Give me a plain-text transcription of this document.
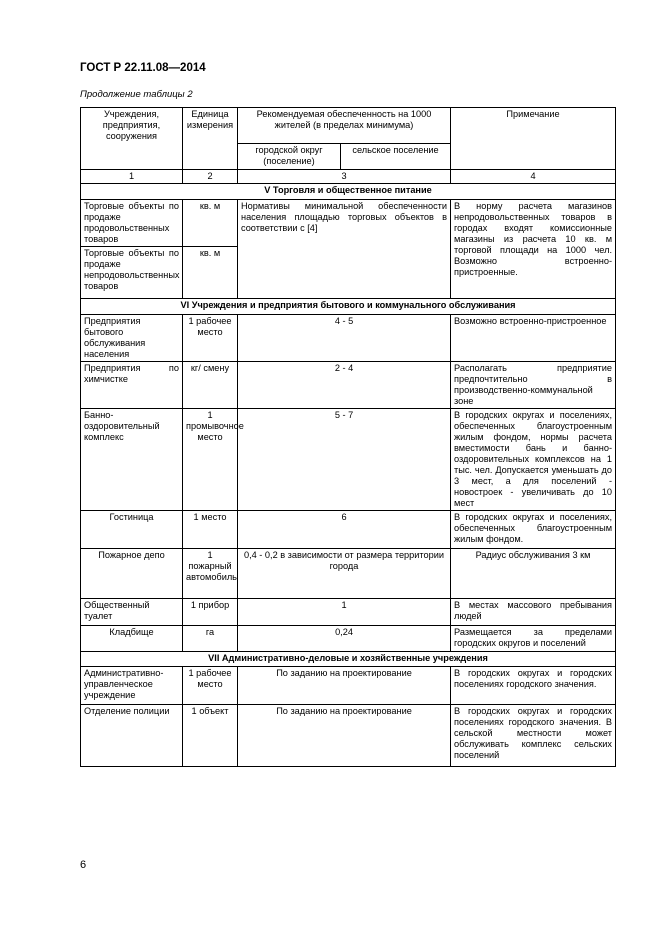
ГОСТ Р 22.11.08—2014
Продолжение таблицы 2
Учреждения, предприятия, сооружения	Единица измерения	Рекомендуемая обеспеченность на 1000 жителей (в пределах минимума)		Примечание
		городской округ (поселение)	сельское поселение	
1	2	3		4
V Торговля и общественное питание				
Торговые объекты по продаже продовольственных товаров	кв. м	Нормативы минимальной обеспеченности населения площадью торговых объектов в соответствии с [4]		В норму расчета магазинов непродовольственных товаров в городах входят комиссионные магазины из расчета 10 кв. м торговой площади на 1000 чел. Возможно встроенно- пристроенные.
Торговые объекты по продаже непродовольственных товаров	кв. м			
VI Учреждения и предприятия бытового и коммунального обслуживания				
Предприятия бытового обслуживания населения	1 рабочее место	4 - 5		Возможно встроенно-пристроенное
Предприятия по химчистке	кг/ смену	2 - 4		Располагать предприятие предпочтительно в производственно-коммунальной зоне
Банно-оздоровительный комплекс	1 промывочное место	5 - 7		В городских округах и поселениях, обеспеченных благоустроенным жилым фондом, нормы расчета вместимости бань и банно-оздоровительных комплексов на 1 тыс. чел. Допускается уменьшать до 3 мест, а для поселений - новостроек - увеличивать до 10 мест
Гостиница	1 место	6		В городских округах и поселениях, обеспеченных благоустроенным жилым фондом.
Пожарное депо	1 пожарный автомобиль	0,4 - 0,2 в зависимости от размера территории города		Радиус обслуживания 3 км
Общественный туалет	1 прибор	1		В местах массового пребывания людей
Кладбище	га	0,24		Размещается за пределами городских округов и поселений
VII Административно-деловые и хозяйственные учреждения				
Административно-управленческое учреждение	1 рабочее место	По заданию на проектирование		В городских округах и городских поселениях городского значения.
Отделение полиции	1 объект	По заданию на проектирование		В городских округах и городских поселениях городского значения. В сельской местности может обслуживать комплекс сельских поселений
6
